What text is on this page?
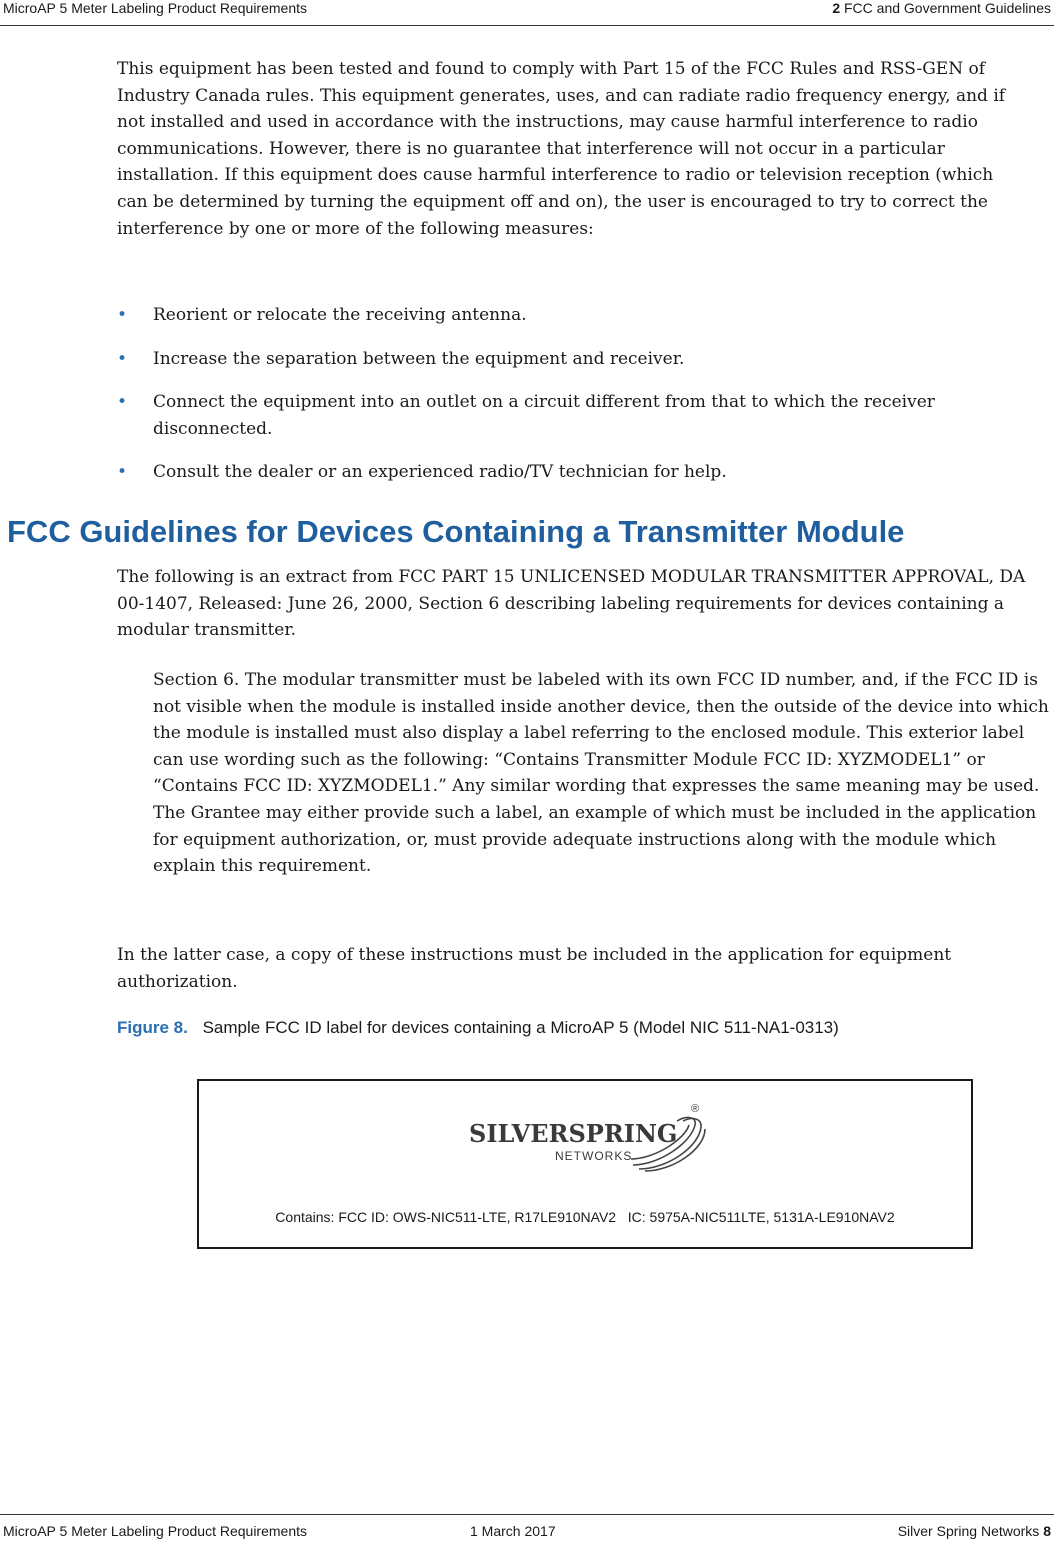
MicroAP 5 Meter Labeling Product Requirements	2 FCC and Government Guidelines
This equipment has been tested and found to comply with Part 15 of the FCC Rules and RSS-GEN of Industry Canada rules. This equipment generates, uses, and can radiate radio frequency energy, and if not installed and used in accordance with the instructions, may cause harmful interference to radio communications. However, there is no guarantee that interference will not occur in a particular installation. If this equipment does cause harmful interference to radio or television reception (which can be determined by turning the equipment off and on), the user is encouraged to try to correct the interference by one or more of the following measures:
•	Reorient or relocate the receiving antenna.
•	Increase the separation between the equipment and receiver.
•	Connect the equipment into an outlet on a circuit different from that to which the receiver disconnected.
•	Consult the dealer or an experienced radio/TV technician for help.
FCC Guidelines for Devices Containing a Transmitter Module
The following is an extract from FCC PART 15 UNLICENSED MODULAR TRANSMITTER APPROVAL, DA 00-1407, Released: June 26, 2000, Section 6 describing labeling requirements for devices containing a modular transmitter.
Section 6. The modular transmitter must be labeled with its own FCC ID number, and, if the FCC ID is not visible when the module is installed inside another device, then the outside of the device into which the module is installed must also display a label referring to the enclosed module. This exterior label can use wording such as the following: “Contains Transmitter Module FCC ID: XYZMODEL1” or “Contains FCC ID: XYZMODEL1.” Any similar wording that expresses the same meaning may be used. The Grantee may either provide such a label, an example of which must be included in the application for equipment authorization, or, must provide adequate instructions along with the module which explain this requirement.
In the latter case, a copy of these instructions must be included in the application for equipment authorization.
Figure 8. Sample FCC ID label for devices containing a MicroAP 5 (Model NIC 511-NA1-0313)
SILVERSPRING
NETWORKS
®
Contains: FCC ID: OWS-NIC511-LTE, R17LE910NAV2   IC: 5975A-NIC511LTE, 5131A-LE910NAV2
MicroAP 5 Meter Labeling Product Requirements	1 March 2017	Silver Spring Networks 8
